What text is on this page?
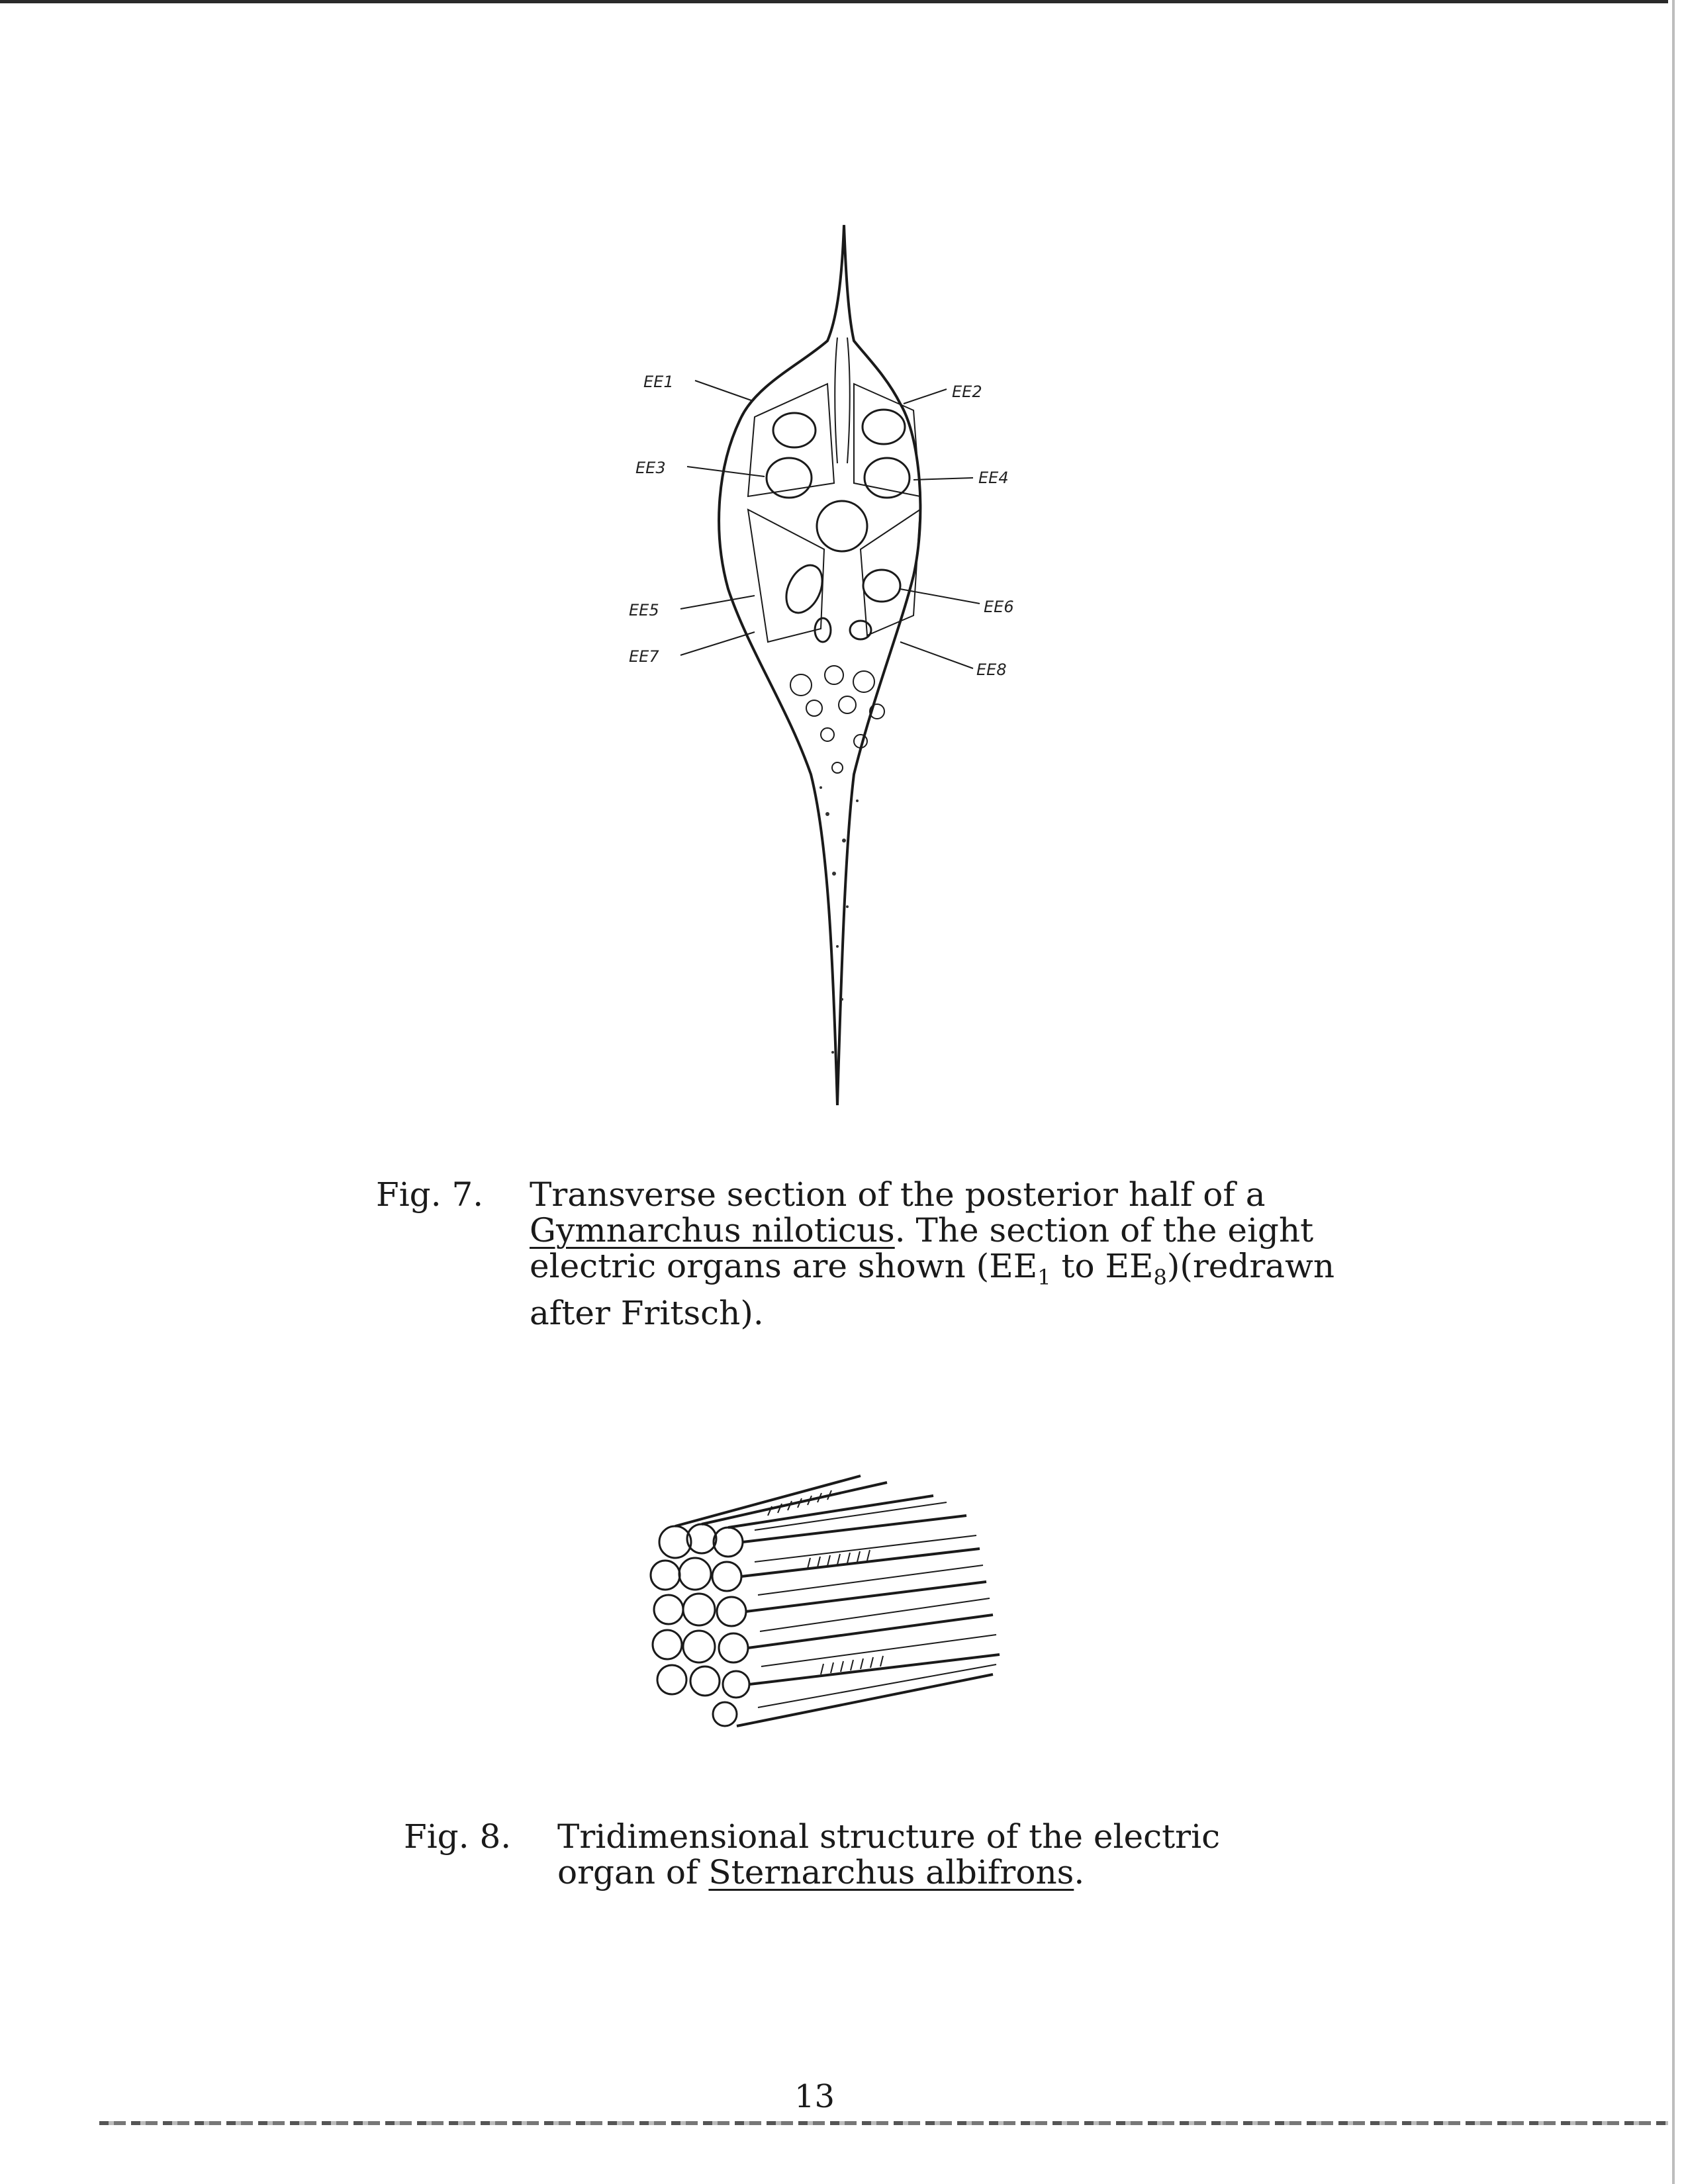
EE1
EE2
EE3
EE4
EE5	EE6
EE7
EE8
Fig. 7. Transverse section of the posterior half of a
Gymnarchus niloticus. The section of the eight
electric organs are shown ($EE_1$ to $EE_8)(redrawn$
after Fritsch).
Fig. 8. Tridimensional structure of the electric
organ of Sternarchus albifrons.
13
